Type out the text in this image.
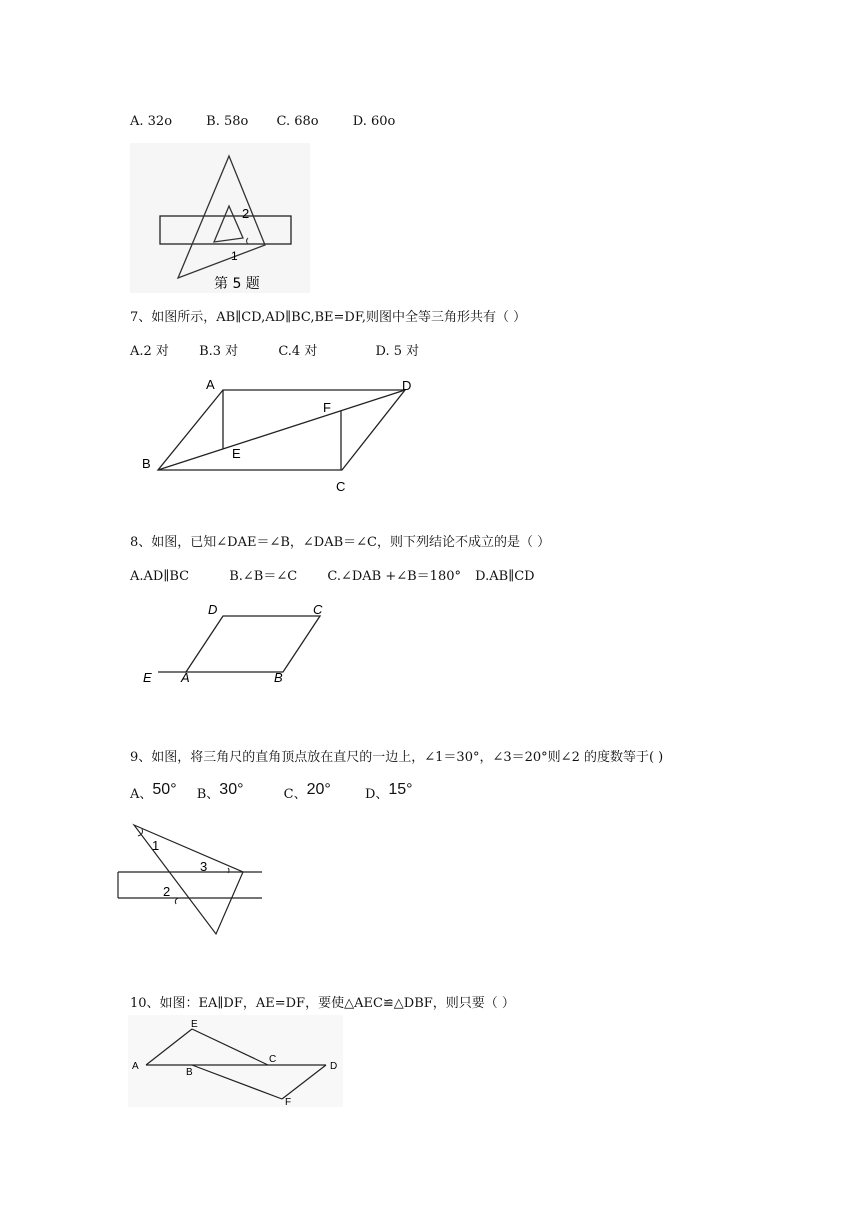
A. 32o	B. 58o C. 68o	D. 60o
2
1
第 5 题
7、如图所示，AB∥CD,AD∥BC,BE=DF,则图中全等三角形共有（ ）
A.2 对 B.3 对	C.4 对	D. 5 对
A	D
F
B
E
C
8、如图，已知∠DAE＝∠B，∠DAB＝∠C，则下列结论不成立的是（ ）
A.AD∥BC	B.∠B＝∠C C.∠DAB +∠B＝180° D.AB∥CD
D	C
E A	B
9、如图，将三角尺的直角顶点放在直尺的一边上，∠1＝30°，∠3＝20°则∠2 的度数等于( )
A、50° B、30°	C、20°	D、15°
1
3
2
10、如图：EA∥DF，AE=DF，要使△AEC≌△DBF，则只要（ ）
E
A
B
C
D
F
